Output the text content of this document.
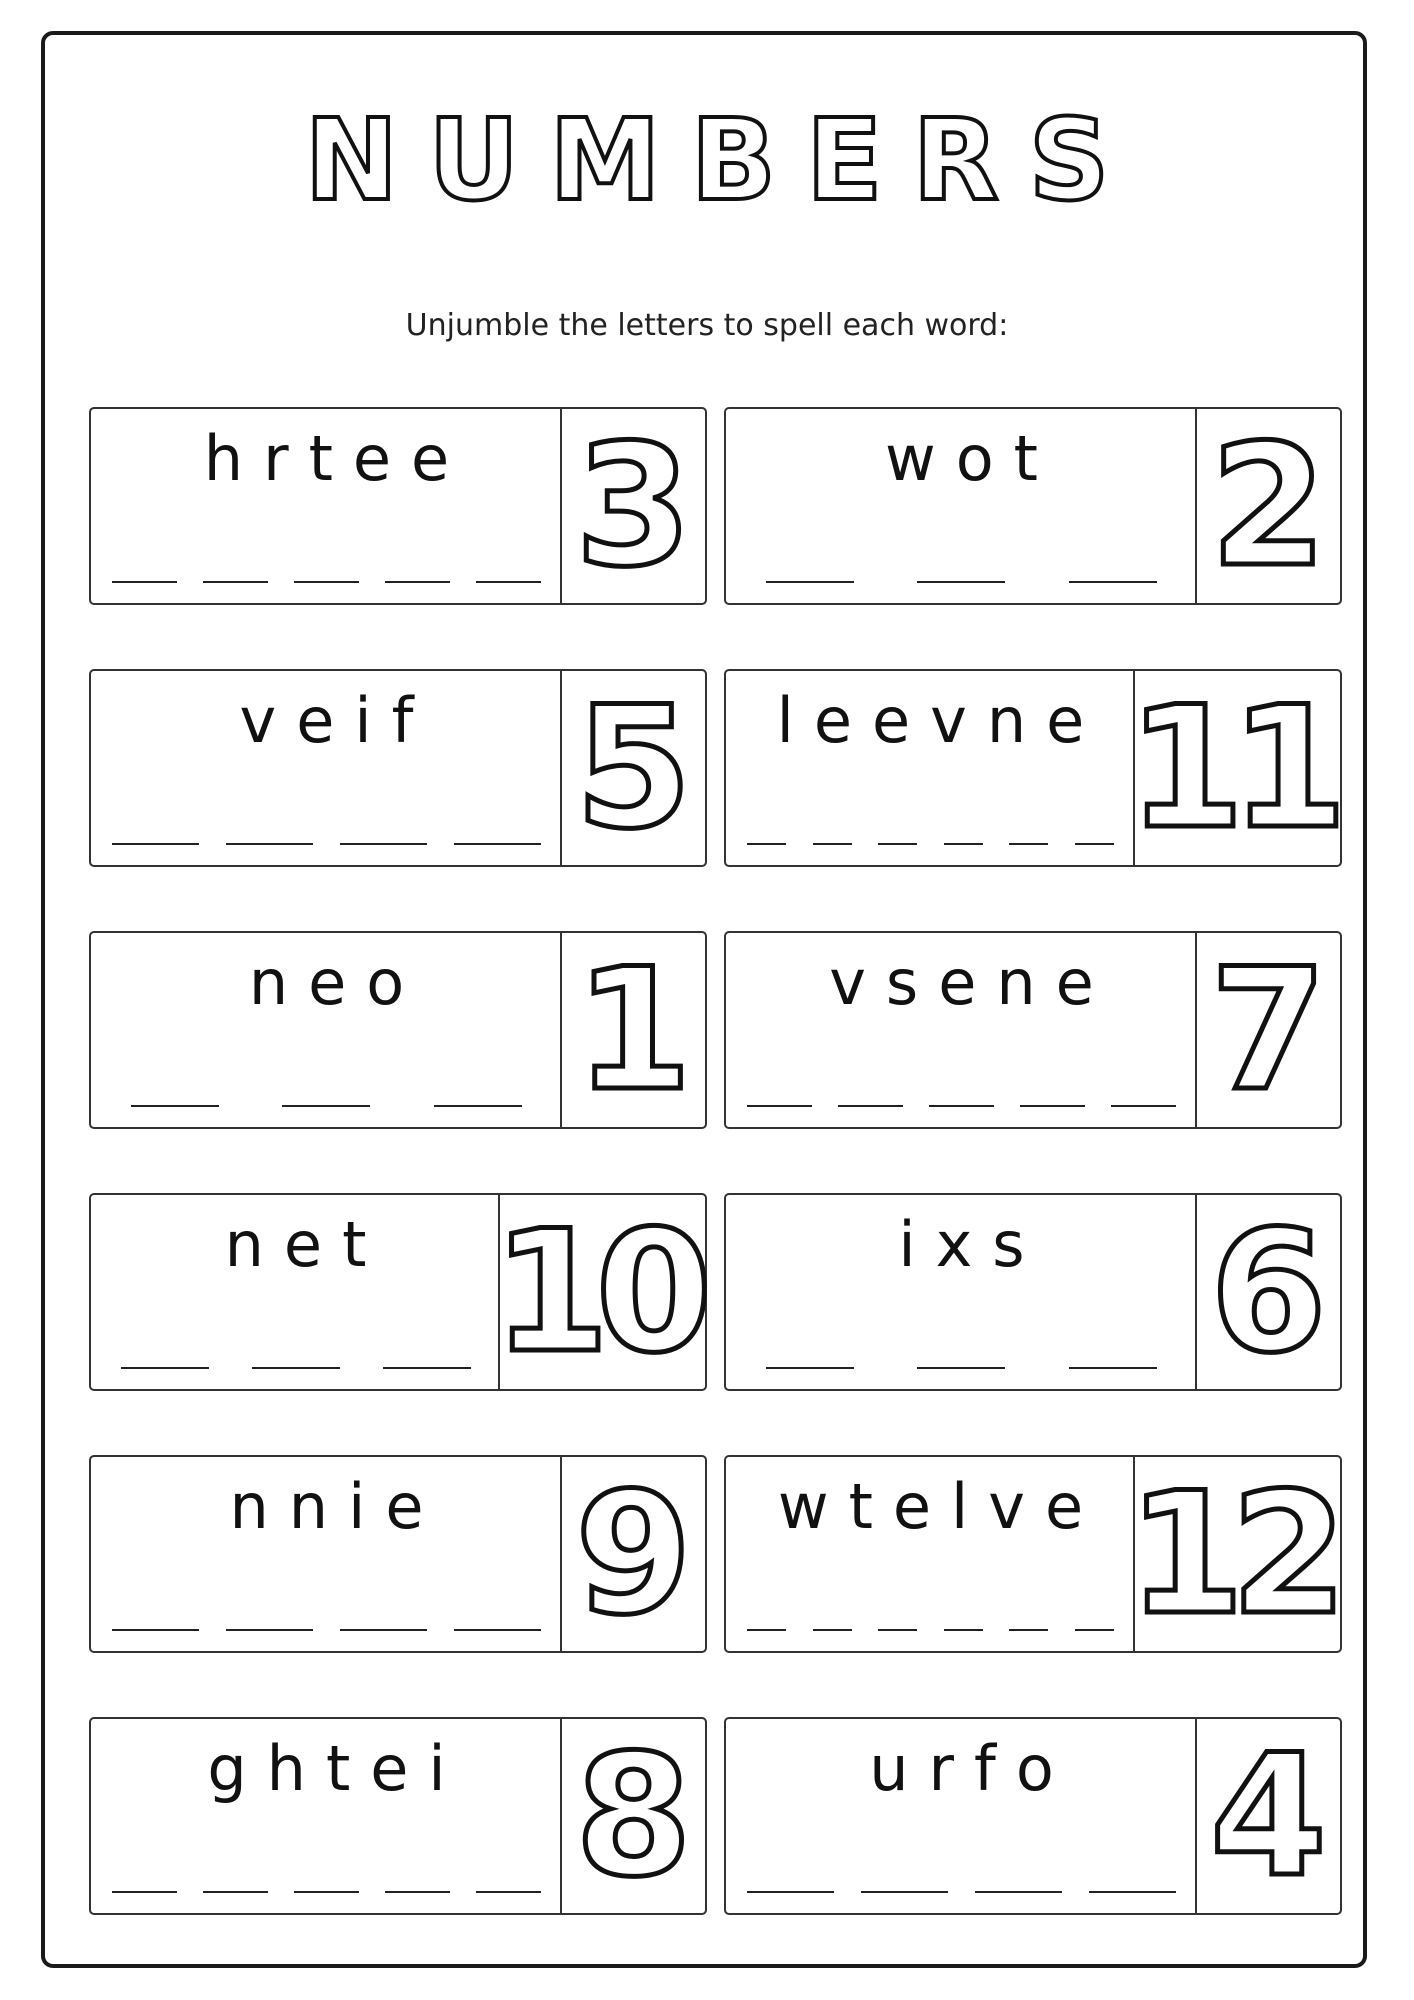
NUMBERS
Unjumble the letters to spell each word:
hrtee 3	wot 2
veif 5	leevne 11
neo 1	vsene 7
net 10	ixs 6
nnie 9	wtelve 12
ghtei 8	urfo 4
